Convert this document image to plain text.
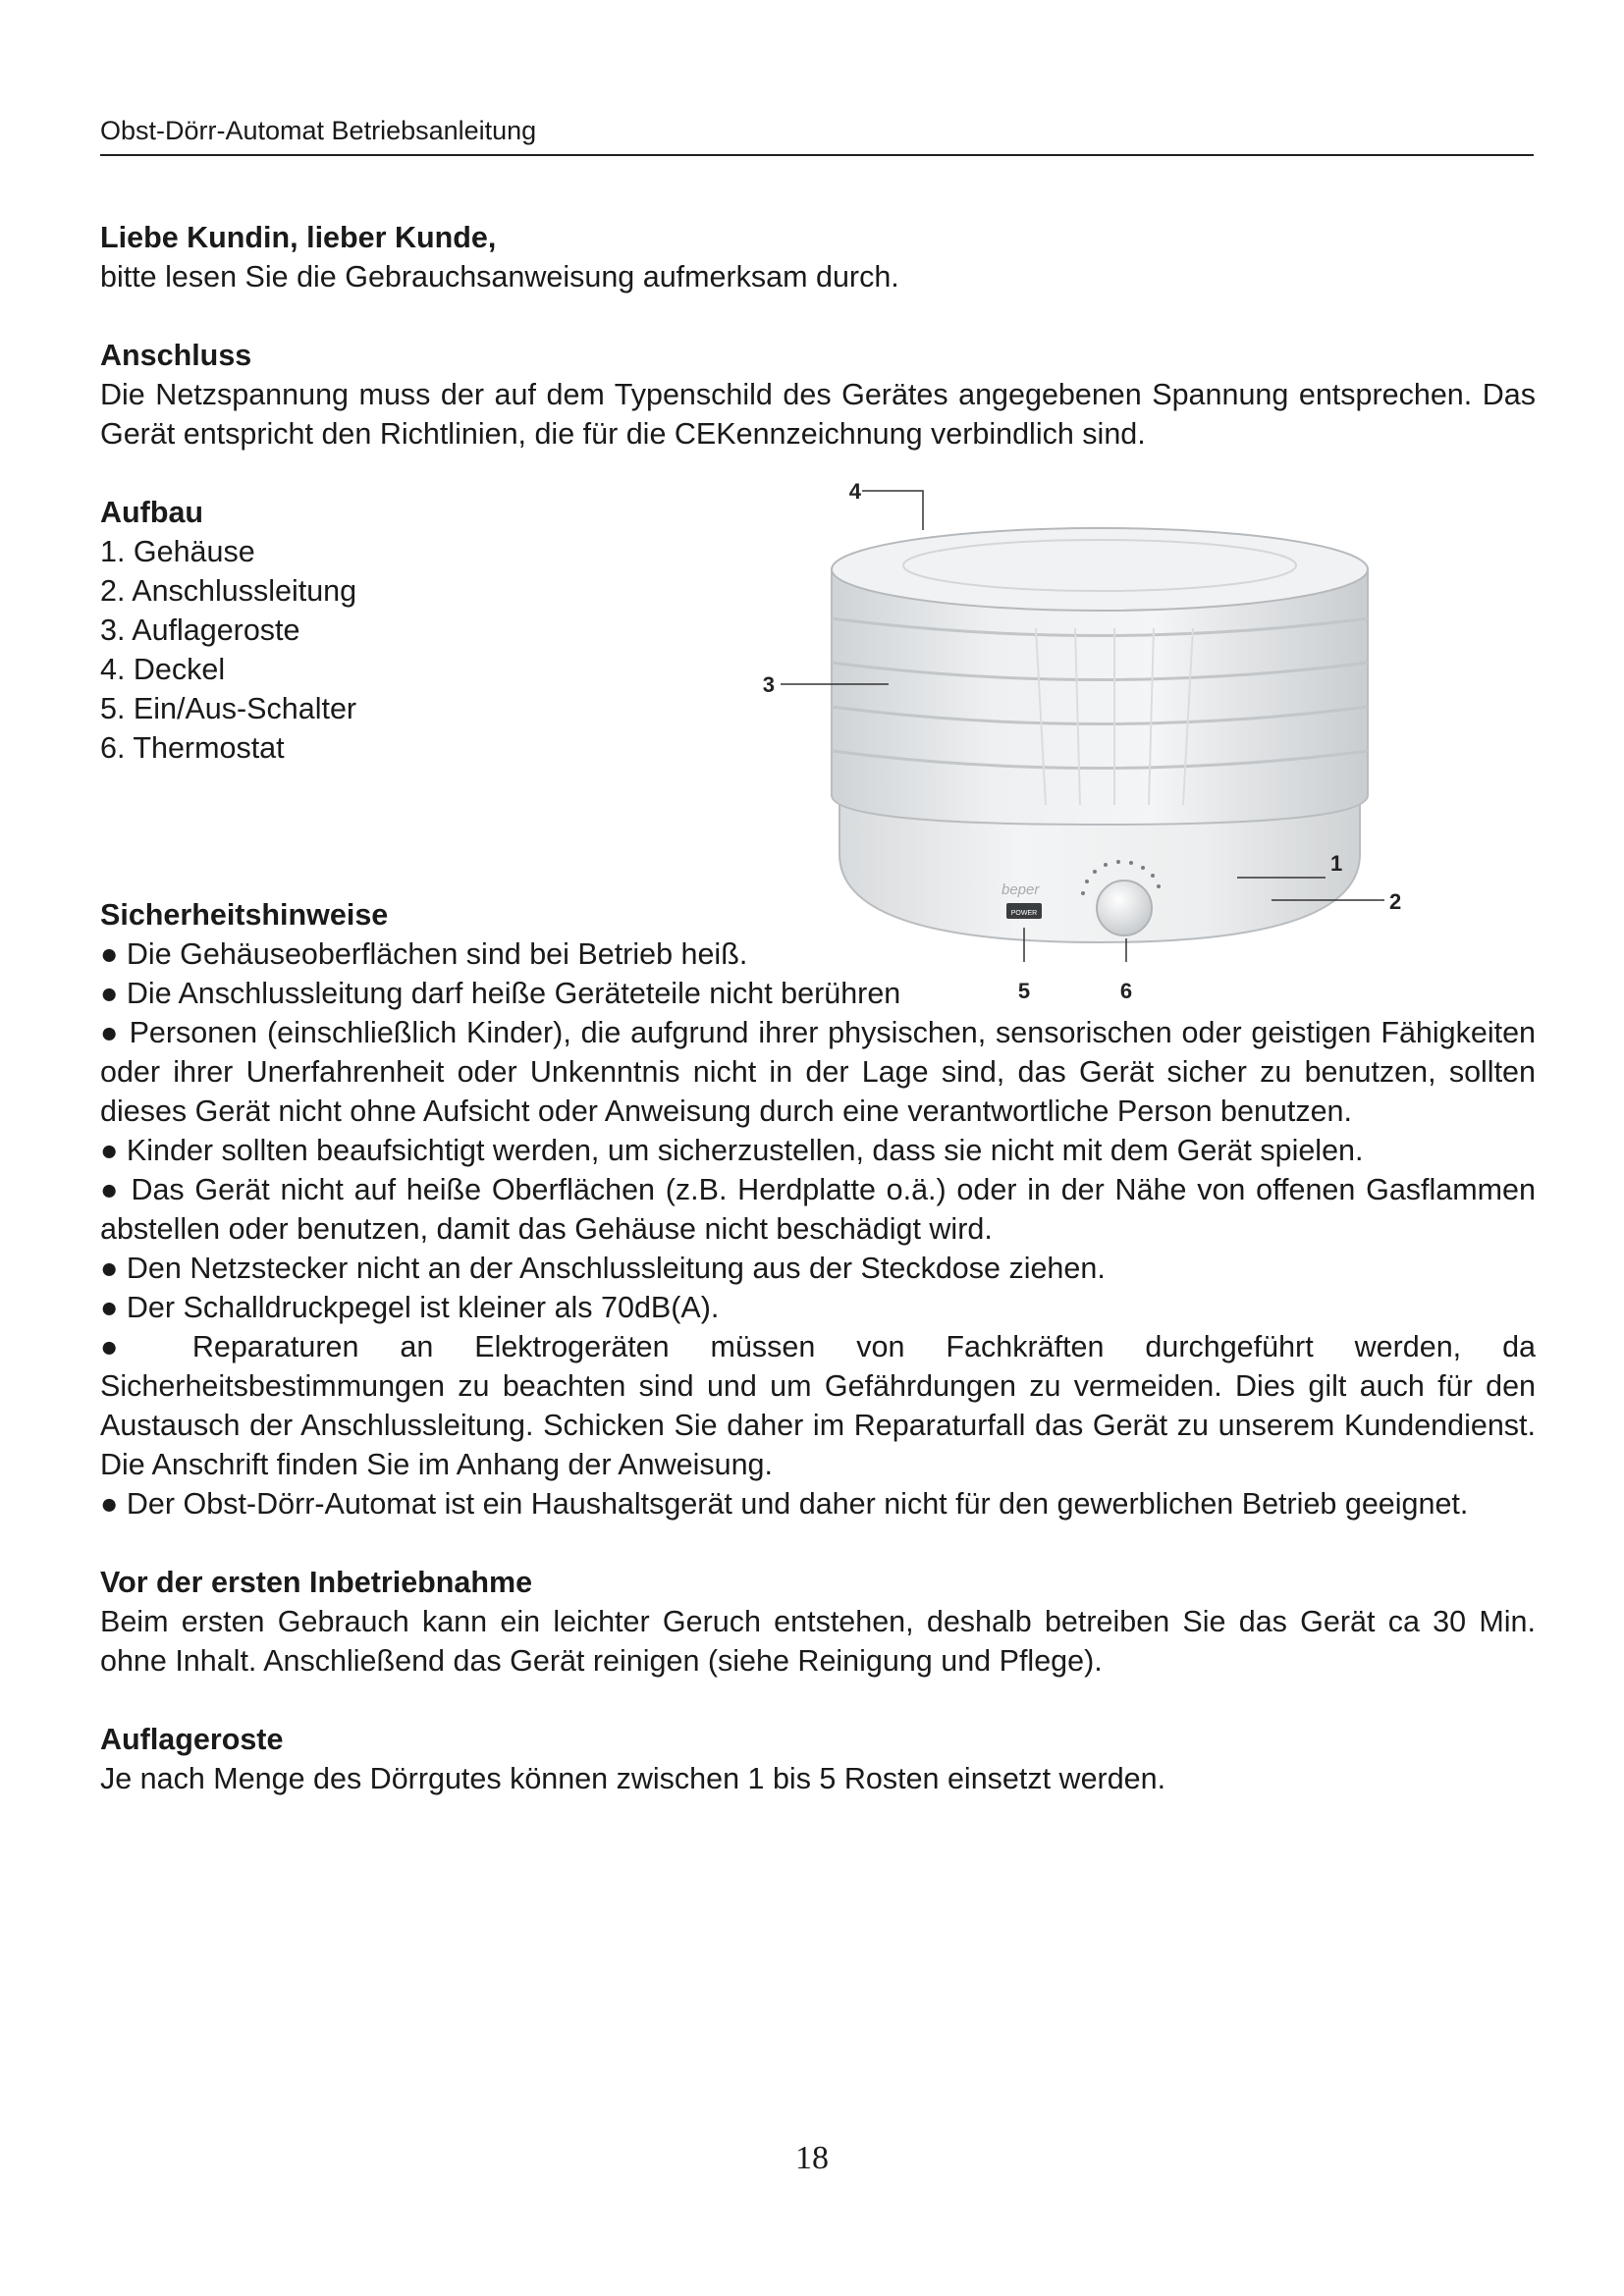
Obst-Dörr-Automat Betriebsanleitung

Liebe Kundin, lieber Kunde,

bitte lesen Sie die Gebrauchsanweisung aufmerksam durch.

Anschluss

Die Netzspannung muss der auf dem Typenschild des Gerätes angegebenen Spannung entsprechen. Das Gerät entspricht den Richtlinien, die für die CEKennzeichnung verbindlich sind.

Aufbau

1. Gehäuse

2. Anschlussleitung

3. Auflageroste

4. Deckel

5. Ein/Aus-Schalter

6. Thermostat

Sicherheitshinweise

● Die Gehäuseoberflächen sind bei Betrieb heiß.

● Die Anschlussleitung darf heiße Geräteteile nicht berühren

● Personen (einschließlich Kinder), die aufgrund ihrer physischen, sensorischen oder geistigen Fähigkeiten oder ihrer Unerfahrenheit oder Unkenntnis nicht in der Lage sind, das Gerät sicher zu benutzen, sollten dieses Gerät nicht ohne Aufsicht oder Anweisung durch eine verantwortliche Person benutzen.

● Kinder sollten beaufsichtigt werden, um sicherzustellen, dass sie nicht mit dem Gerät spielen.

● Das Gerät nicht auf heiße Oberflächen (z.B. Herdplatte o.ä.) oder in der Nähe von offenen Gasflammen abstellen oder benutzen, damit das Gehäuse nicht beschädigt wird.

● Den Netzstecker nicht an der Anschlussleitung aus der Steckdose ziehen.

● Der Schalldruckpegel ist kleiner als 70dB(A).

● Reparaturen an Elektrogeräten müssen von Fachkräften durchgeführt werden, da Sicherheitsbestimmungen zu beachten sind und um Gefährdungen zu vermeiden. Dies gilt auch für den Austausch der Anschlussleitung. Schicken Sie daher im Reparaturfall das Gerät zu unserem Kundendienst. Die Anschrift finden Sie im Anhang der Anweisung.

● Der Obst-Dörr-Automat ist ein Haushaltsgerät und daher nicht für den gewerblichen Betrieb geeignet.

Vor der ersten Inbetriebnahme

Beim ersten Gebrauch kann ein leichter Geruch entstehen, deshalb betreiben Sie das Gerät ca 30 Min. ohne Inhalt. Anschließend das Gerät reinigen (siehe Reinigung und Pflege).

Auflageroste

Je nach Menge des Dörrgutes können zwischen 1 bis 5 Rosten einsetzt werden.

beper
POWER
4
3
1
2
5	6
18
